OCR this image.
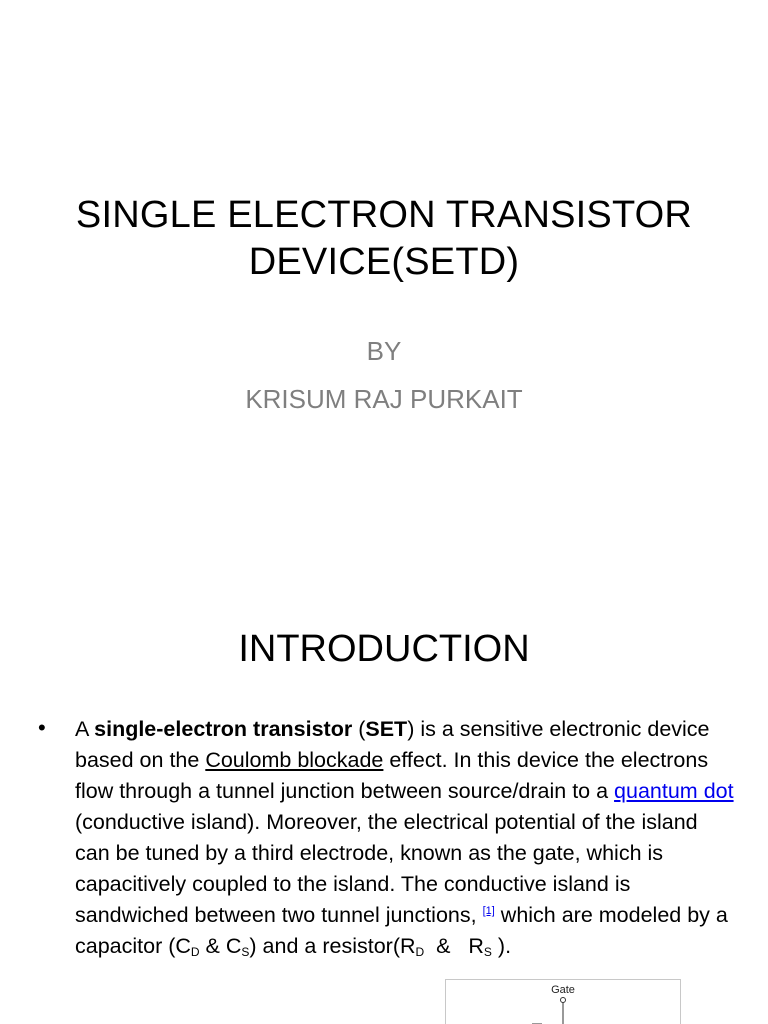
SINGLE ELECTRON TRANSISTOR
DEVICE(SETD)
BY
KRISUM RAJ PURKAIT
INTRODUCTION
• A single-electron transistor (SET) is a sensitive electronic device based on the Coulomb blockade effect. In this device the electrons flow through a tunnel junction between source/drain to a quantum dot (conductive island). Moreover, the electrical potential of the island can be tuned by a third electrode, known as the gate, which is capacitively coupled to the island. The conductive island is sandwiched between two tunnel junctions, [1] which are modeled by a capacitor ($C_D$ & $C_S$) and a $resistor(R_D$  &   $R_S$ ).
Gate
